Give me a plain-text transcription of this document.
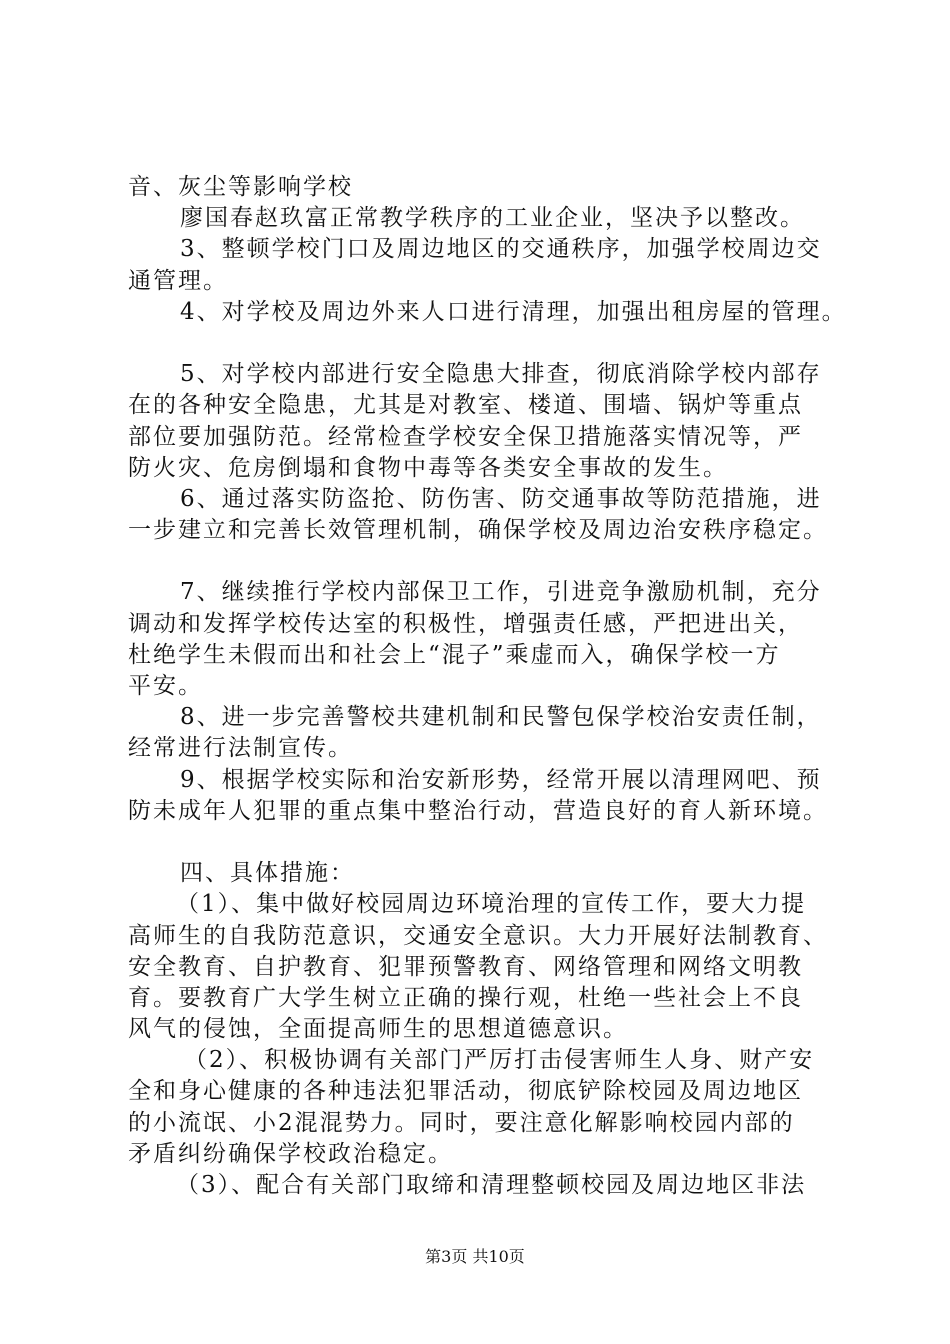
音、灰尘等影响学校
廖国春赵玖富正常教学秩序的工业企业，坚决予以整改。
3、整顿学校门口及周边地区的交通秩序，加强学校周边交
通管理。
4、对学校及周边外来人口进行清理，加强出租房屋的管理。
5、对学校内部进行安全隐患大排查，彻底消除学校内部存
在的各种安全隐患，尤其是对教室、楼道、围墙、锅炉等重点
部位要加强防范。经常检查学校安全保卫措施落实情况等，严
防火灾、危房倒塌和食物中毒等各类安全事故的发生。
6、通过落实防盗抢、防伤害、防交通事故等防范措施，进
一步建立和完善长效管理机制，确保学校及周边治安秩序稳定。
7、继续推行学校内部保卫工作，引进竞争激励机制，充分
调动和发挥学校传达室的积极性，增强责任感，严把进出关，
杜绝学生未假而出和社会上“混子”乘虚而入，确保学校一方
平安。
8、进一步完善警校共建机制和民警包保学校治安责任制，
经常进行法制宣传。
9、根据学校实际和治安新形势，经常开展以清理网吧、预
防未成年人犯罪的重点集中整治行动，营造良好的育人新环境。
四、具体措施：
（1）、集中做好校园周边环境治理的宣传工作，要大力提
高师生的自我防范意识，交通安全意识。大力开展好法制教育、
安全教育、自护教育、犯罪预警教育、网络管理和网络文明教
育。要教育广大学生树立正确的操行观，杜绝一些社会上不良
风气的侵蚀，全面提高师生的思想道德意识。
（2）、积极协调有关部门严厉打击侵害师生人身、财产安
全和身心健康的各种违法犯罪活动，彻底铲除校园及周边地区
的小流氓、小2混混势力。同时，要注意化解影响校园内部的
矛盾纠纷确保学校政治稳定。
（3）、配合有关部门取缔和清理整顿校园及周边地区非法
第3页 共10页
